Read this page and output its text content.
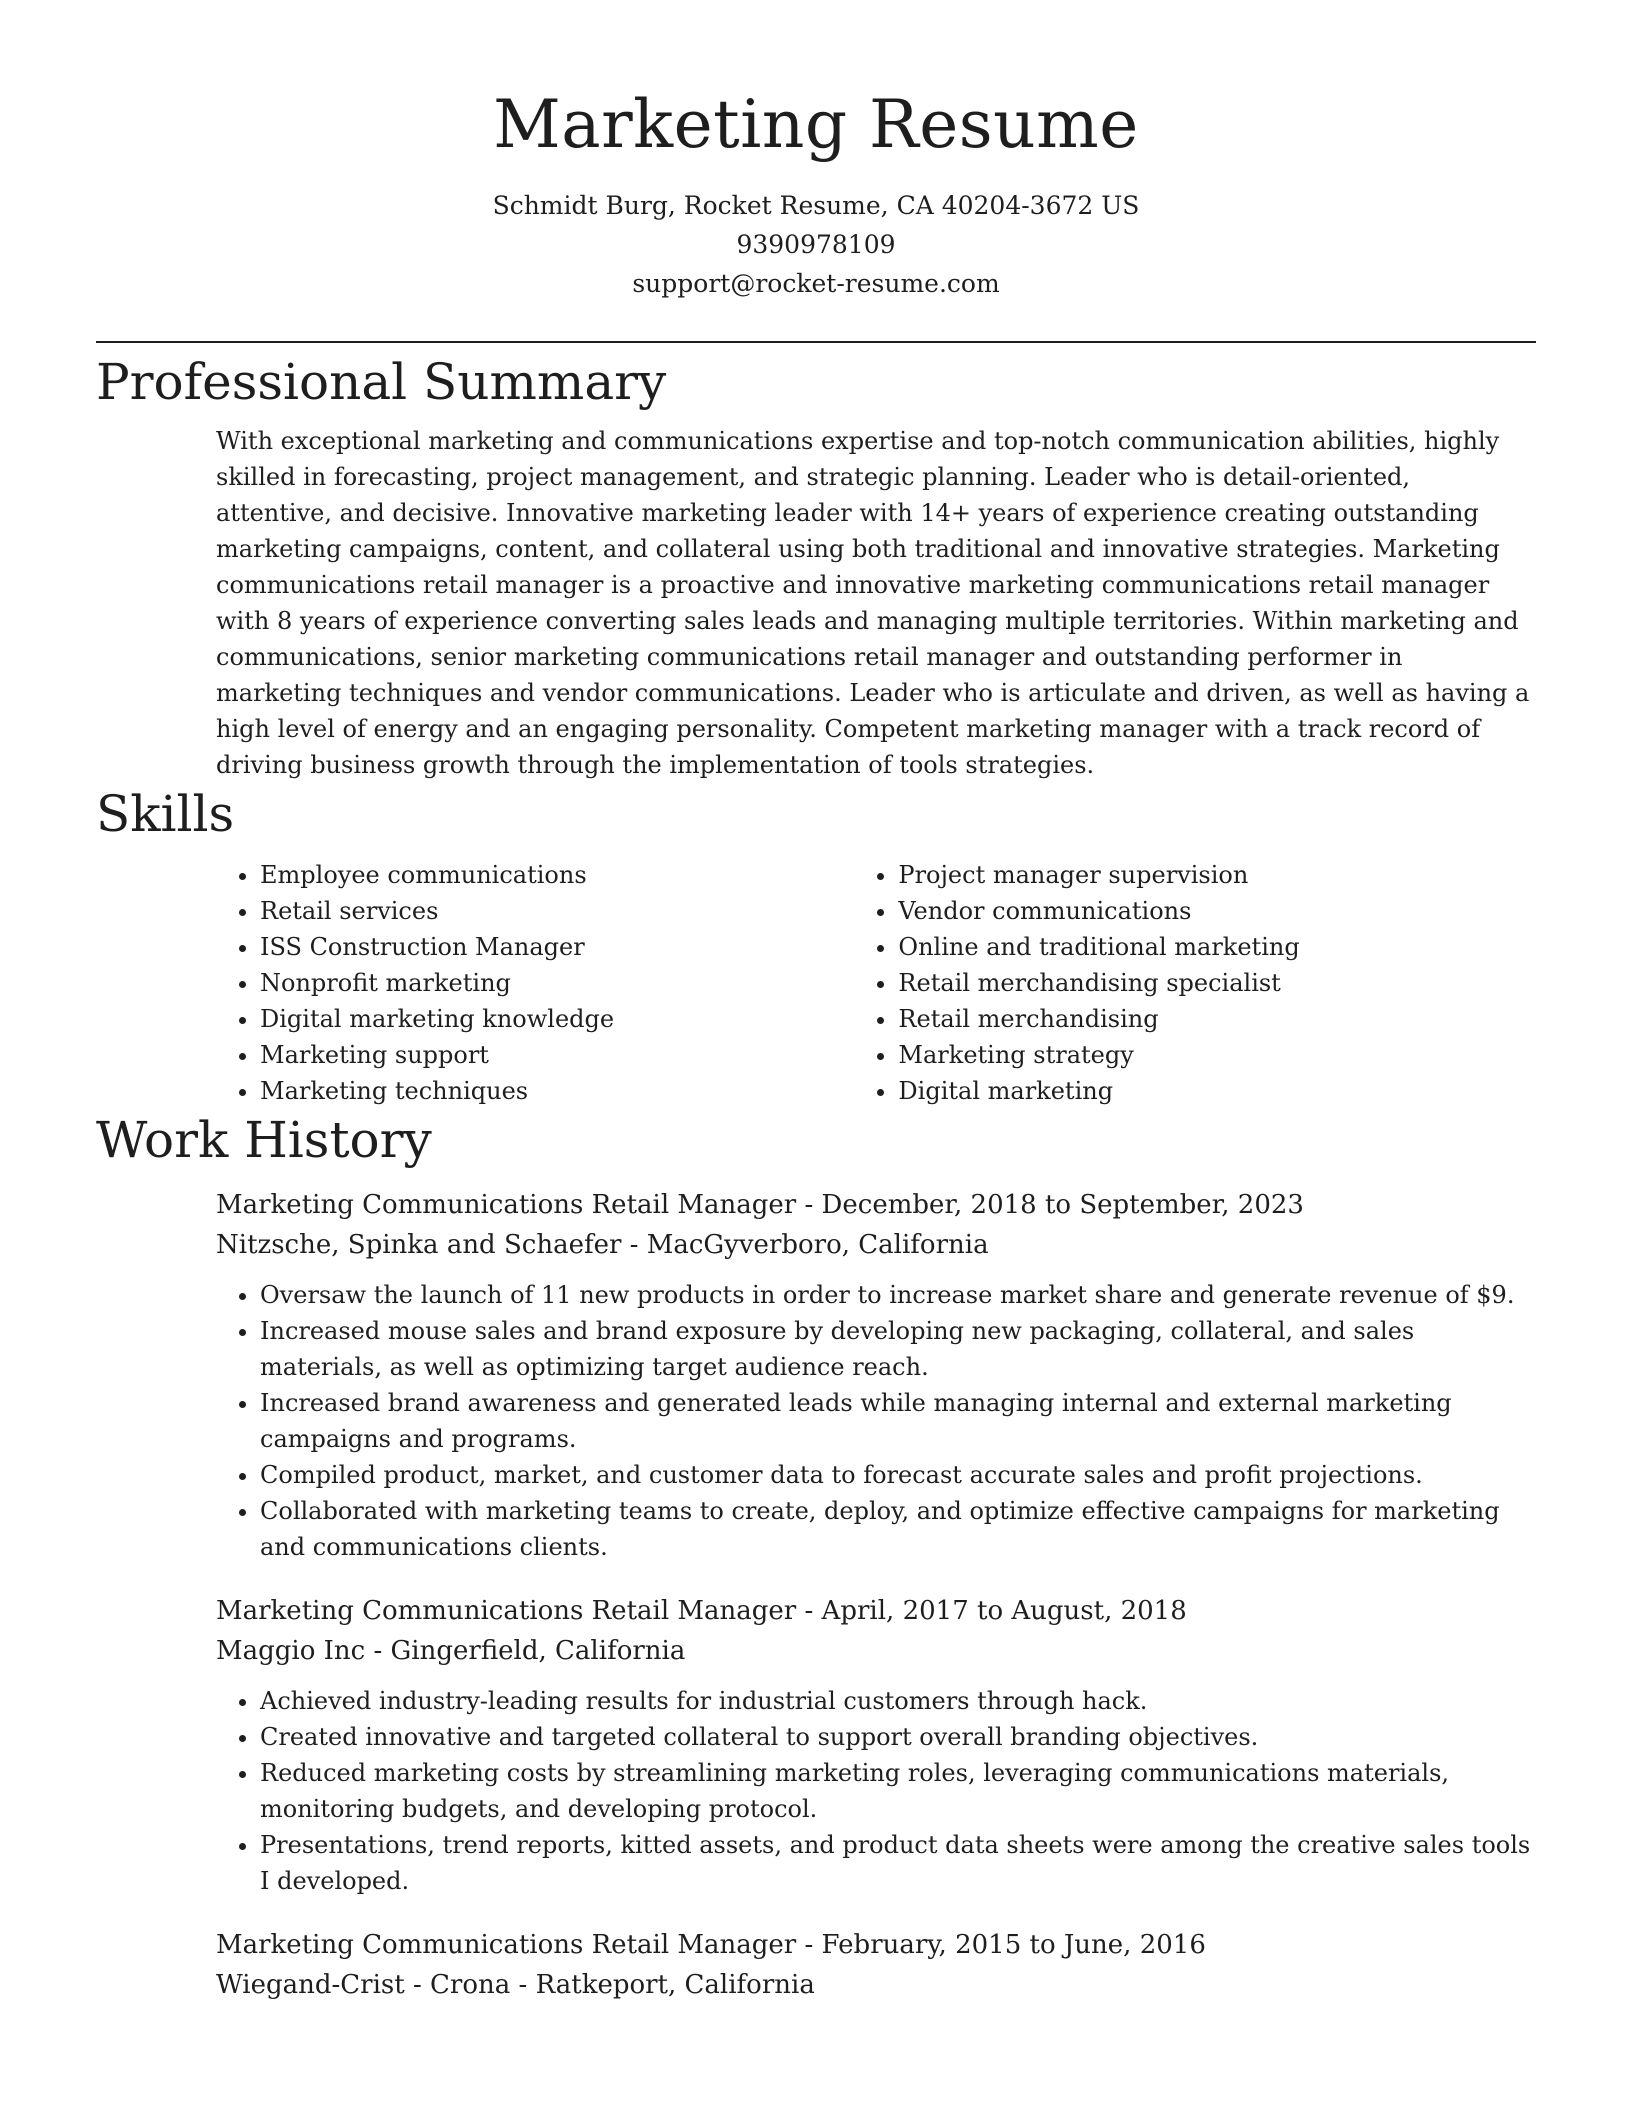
Marketing Resume
Schmidt Burg, Rocket Resume, CA 40204-3672 US
9390978109
support@rocket-resume.com
Professional Summary

With exceptional marketing and communications expertise and top-notch communication abilities, highly skilled in forecasting, project management, and strategic planning. Leader who is detail-oriented, attentive, and decisive. Innovative marketing leader with 14+ years of experience creating outstanding marketing campaigns, content, and collateral using both traditional and innovative strategies. Marketing communications retail manager is a proactive and innovative marketing communications retail manager with 8 years of experience converting sales leads and managing multiple territories. Within marketing and communications, senior marketing communications retail manager and outstanding performer in marketing techniques and vendor communications. Leader who is articulate and driven, as well as having a high level of energy and an engaging personality. Competent marketing manager with a track record of driving business growth through the implementation of tools strategies.

Skills
• Employee communications
• Retail services
• ISS Construction Manager
• Nonprofit marketing
• Digital marketing knowledge
• Marketing support
• Marketing techniques
• Project manager supervision
• Vendor communications
• Online and traditional marketing
• Retail merchandising specialist
• Retail merchandising
• Marketing strategy
• Digital marketing
Work History
Marketing Communications Retail Manager - December, 2018 to September, 2023
Nitzsche, Spinka and Schaefer - MacGyverboro, California
• Oversaw the launch of 11 new products in order to increase market share and generate revenue of $9.
• Increased mouse sales and brand exposure by developing new packaging, collateral, and sales materials, as well as optimizing target audience reach.
• Increased brand awareness and generated leads while managing internal and external marketing campaigns and programs.
• Compiled product, market, and customer data to forecast accurate sales and profit projections.
• Collaborated with marketing teams to create, deploy, and optimize effective campaigns for marketing and communications clients.
Marketing Communications Retail Manager - April, 2017 to August, 2018
Maggio Inc - Gingerfield, California
• Achieved industry-leading results for industrial customers through hack.
• Created innovative and targeted collateral to support overall branding objectives.
• Reduced marketing costs by streamlining marketing roles, leveraging communications materials, monitoring budgets, and developing protocol.
• Presentations, trend reports, kitted assets, and product data sheets were among the creative sales tools I developed.
Marketing Communications Retail Manager - February, 2015 to June, 2016
Wiegand-Crist - Crona - Ratkeport, California
